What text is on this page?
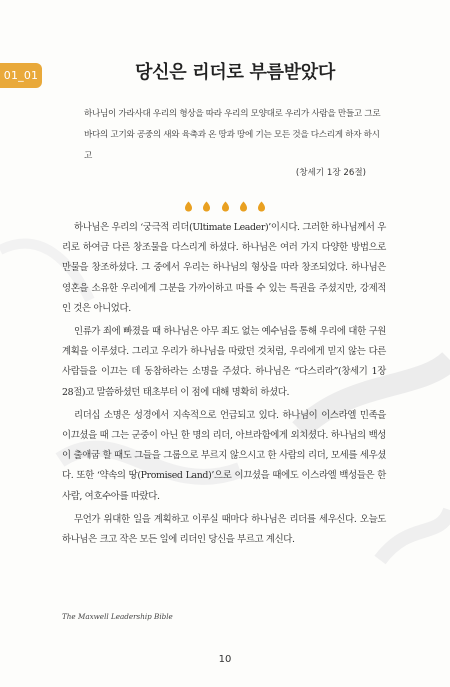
01_01	당신은 리더로 부름받았다

하나님이 가라사대 우리의 형상을 따라 우리의 모양대로 우리가 사람을 만들고 그로 바다의 고기와 공중의 새와 육축과 온 땅과 땅에 기는 모든 것을 다스리게 하자 하시고

(창세기 1장 26절)

하나님은 우리의 ‘궁극적 리더(Ultimate Leader)’이시다. 그러한 하나님께서 우리로 하여금 다른 창조물을 다스리게 하셨다. 하나님은 여러 가지 다양한 방법으로 만물을 창조하셨다. 그 중에서 우리는 하나님의 형상을 따라 창조되었다. 하나님은 영혼을 소유한 우리에게 그분을 가까이하고 따를 수 있는 특권을 주셨지만, 강제적인 것은 아니었다.

인류가 죄에 빠졌을 때 하나님은 아무 죄도 없는 예수님을 통해 우리에 대한 구원 계획을 이루셨다. 그리고 우리가 하나님을 따랐던 것처럼, 우리에게 믿지 않는 다른 사람들을 이끄는 데 동참하라는 소명을 주셨다. 하나님은 “다스리라”(창세기 1장 28절)고 말씀하셨던 태초부터 이 점에 대해 명확히 하셨다.

리더십 소명은 성경에서 지속적으로 언급되고 있다. 하나님이 이스라엘 민족을 이끄셨을 때 그는 군중이 아닌 한 명의 리더, 아브라함에게 외치셨다. 하나님의 백성이 출애굽 할 때도 그들을 그룹으로 부르지 않으시고 한 사람의 리더, 모세를 세우셨다. 또한 ‘약속의 땅(Promised Land)’으로 이끄셨을 때에도 이스라엘 백성들은 한 사람, 여호수아를 따랐다.

무언가 위대한 일을 계획하고 이루실 때마다 하나님은 리더를 세우신다. 오늘도 하나님은 크고 작은 모든 일에 리더인 당신을 부르고 계신다.

The Maxwell Leadership Bible
10
